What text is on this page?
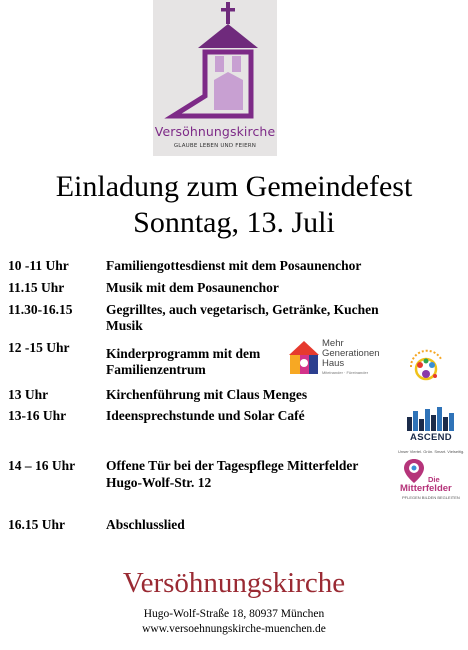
Versöhnungskirche
GLAUBE LEBEN UND FEIERN
Einladung zum Gemeindefest
Sonntag, 13. Juli
10 -11 Uhr	Familiengottesdienst mit dem Posaunenchor
11.15 Uhr	Musik mit dem Posaunenchor
11.30-16.15 Gegrilltes, auch vegetarisch, Getränke, Kuchen
Musik
12 -15 Uhr	Kinderprogramm mit dem
Familienzentrum
13 Uhr	Kirchenführung mit Claus Menges
13-16 Uhr	Ideensprechstunde und Solar Café
14 – 16 Uhr Offene Tür bei der Tagespflege Mitterfelder
Hugo-Wolf-Str. 12
16.15 Uhr	Abschlusslied
Mehr
Generationen
Haus
Miteinander · Füreinander
ASCEND
Unser Viertel. Grün. Smart. Vielseitig.
Die
Mitterfelder
PFLEGEN BILDEN BEGLEITEN
Versöhnungskirche
Hugo-Wolf-Straße 18, 80937 München
www.versoehnungskirche-muenchen.de
